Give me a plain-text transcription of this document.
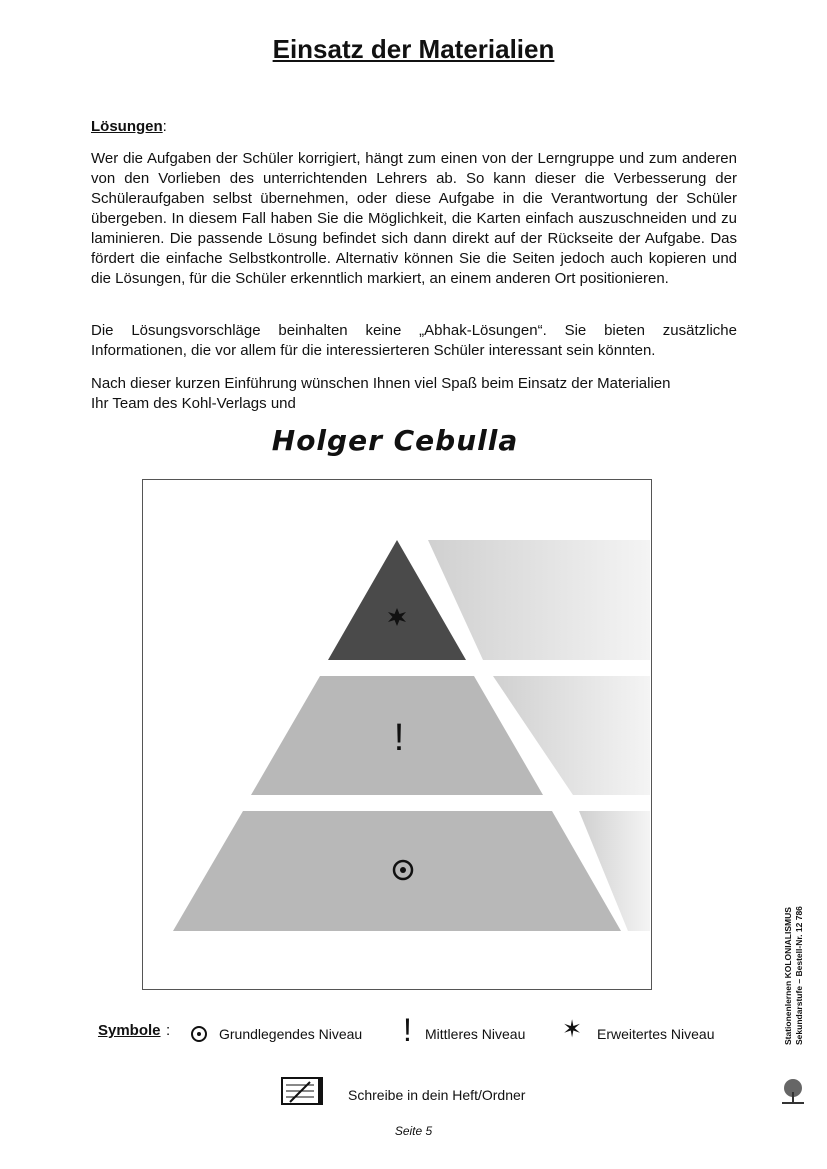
Einsatz der Materialien
Lösungen:

Wer die Aufgaben der Schüler korrigiert, hängt zum einen von der Lerngruppe und zum anderen von den Vorlieben des unterrichtenden Lehrers ab. So kann dieser die Verbesserung der Schüleraufgaben selbst übernehmen, oder diese Aufgabe in die Verantwortung der Schüler übergeben. In diesem Fall haben Sie die Möglichkeit, die Karten einfach auszuschneiden und zu laminieren. Die passende Lösung befindet sich dann direkt auf der Rückseite der Aufgabe. Das fördert die einfache Selbstkontrolle. Alternativ können Sie die Seiten jedoch auch kopieren und die Lösungen, für die Schüler erkenntlich markiert, an einem anderen Ort positionieren.

Die Lösungsvorschläge beinhalten keine „Abhak-Lösungen“. Sie bieten zusätzliche Informationen, die vor allem für die interessierteren Schüler interessant sein könnten.

Nach dieser kurzen Einführung wünschen Ihnen viel Spaß beim Einsatz der Materialien
Ihr Team des Kohl-Verlags und

Holger Cebulla
!
Symbole :	Grundlegendes Niveau ! Mittleres Niveau ✶ Erweitertes Niveau
Schreibe in dein Heft/Ordner
Seite 5
Stationenlernen KOLONIALISMUS Sekundarstufe – Bestell-Nr. 12 786
